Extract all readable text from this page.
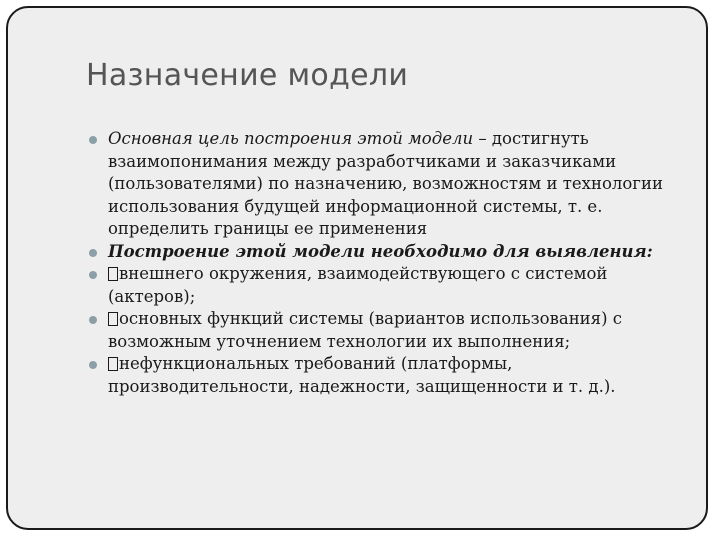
Назначение модели
Основная цель построения этой модели – достигнуть взаимопонимания между разработчиками и заказчиками (пользователями) по назначению, возможностям и технологии использования будущей информационной системы, т. е. определить границы ее применения
Построение этой модели необходимо для выявления:
внешнего окружения, взаимодействующего с системой (актеров);
основных функций системы (вариантов использования) с возможным уточнением технологии их выполнения;
нефункциональных требований (платформы, производительности, надежности, защищенности и т. д.).
